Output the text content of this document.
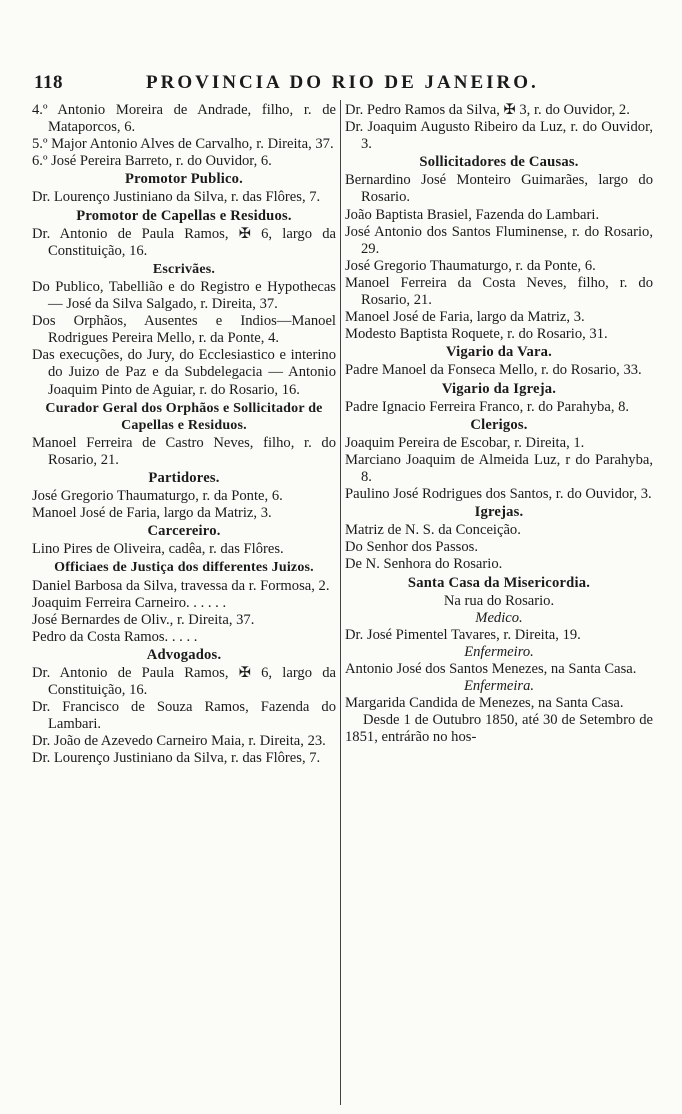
118	PROVINCIA DO RIO DE JANEIRO.

4.º Antonio Moreira de Andrade, filho, r. de Mataporcos, 6.

5.º Major Antonio Alves de Carvalho, r. Direita, 37.

6.º José Pereira Barreto, r. do Ouvidor, 6.

Promotor Publico.

Dr. Lourenço Justiniano da Silva, r. das Flôres, 7.

Promotor de Capellas e Residuos.

Dr. Antonio de Paula Ramos, ✠ 6, largo da Constituição, 16.

Escrivães.

Do Publico, Tabellião e do Registro e Hypothecas— José da Silva Salgado, r. Direita, 37.

Dos Orphãos, Ausentes e Indios—Manoel Rodrigues Pereira Mello, r. da Ponte, 4.

Das execuções, do Jury, do Ecclesiastico e interino do Juizo de Paz e da Subdelegacia — Antonio Joaquim Pinto de Aguiar, r. do Rosario, 16.

Curador Geral dos Orphãos e Sollicitador de Capellas e Residuos.

Manoel Ferreira de Castro Neves, filho, r. do Rosario, 21.

Partidores.

José Gregorio Thaumaturgo, r. da Ponte, 6.

Manoel José de Faria, largo da Matriz, 3.

Carcereiro.

Lino Pires de Oliveira, cadêa, r. das Flôres.

Officiaes de Justiça dos differentes Juizos.

Daniel Barbosa da Silva, travessa da r. Formosa, 2.

Joaquim Ferreira Carneiro. . . . . .

José Bernardes de Oliv., r. Direita, 37.

Pedro da Costa Ramos. . . . .

Advogados.

Dr. Antonio de Paula Ramos, ✠ 6, largo da Constituição, 16.

Dr. Francisco de Souza Ramos, Fazenda do Lambari.

Dr. João de Azevedo Carneiro Maia, r. Direita, 23.

Dr. Lourenço Justiniano da Silva, r. das Flôres, 7.

Dr. Pedro Ramos da Silva, ✠ 3, r. do Ouvidor, 2.

Dr. Joaquim Augusto Ribeiro da Luz, r. do Ouvidor, 3.

Sollicitadores de Causas.

Bernardino José Monteiro Guimarães, largo do Rosario.

João Baptista Brasiel, Fazenda do Lambari.

José Antonio dos Santos Fluminense, r. do Rosario, 29.

José Gregorio Thaumaturgo, r. da Ponte, 6.

Manoel Ferreira da Costa Neves, filho, r. do Rosario, 21.

Manoel José de Faria, largo da Matriz, 3.

Modesto Baptista Roquete, r. do Rosario, 31.

Vigario da Vara.

Padre Manoel da Fonseca Mello, r. do Rosario, 33.

Vigario da Igreja.

Padre Ignacio Ferreira Franco, r. do Parahyba, 8.

Clerigos.

Joaquim Pereira de Escobar, r. Direita, 1.

Marciano Joaquim de Almeida Luz, r do Parahyba, 8.

Paulino José Rodrigues dos Santos, r. do Ouvidor, 3.

Igrejas.

Matriz de N. S. da Conceição.

Do Senhor dos Passos.

De N. Senhora do Rosario.

Santa Casa da Misericordia.

Na rua do Rosario.

Medico.

Dr. José Pimentel Tavares, r. Direita, 19.

Enfermeiro.

Antonio José dos Santos Menezes, na Santa Casa.

Enfermeira.

Margarida Candida de Menezes, na Santa Casa.

Desde 1 de Outubro 1850, até 30 de Setembro de 1851, entrárão no hos-
